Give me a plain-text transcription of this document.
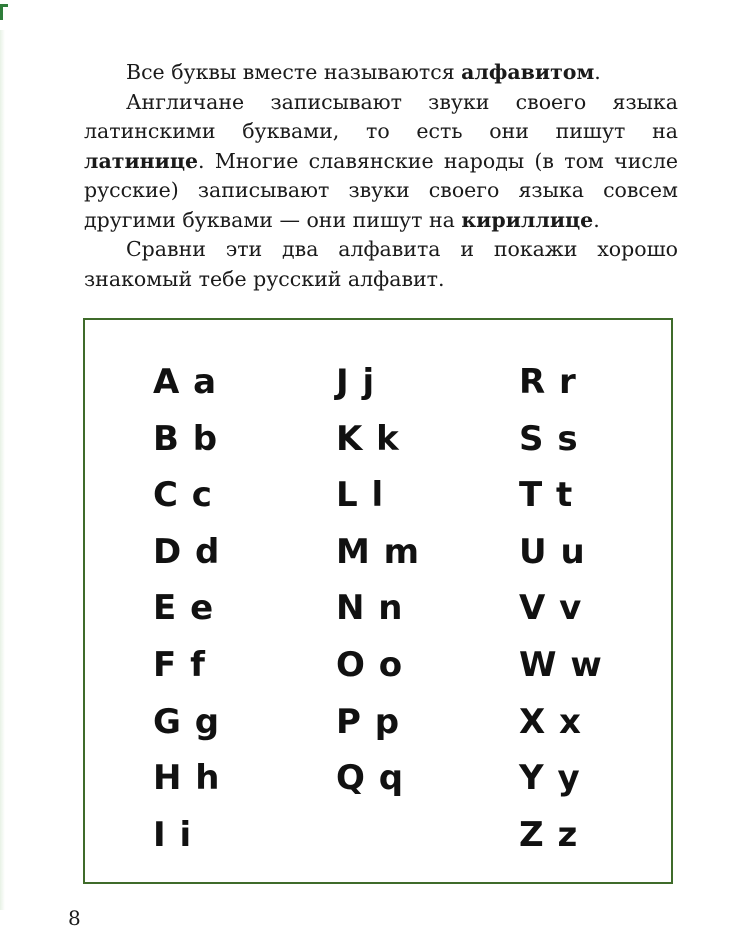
Все буквы вместе называются алфавитом.

Англичане записывают звуки своего языка латинскими буквами, то есть они пишут на латинице. Многие славянские народы (в том числе русские) записывают звуки своего языка совсем другими буквами — они пишут на кириллице.

Сравни эти два алфавита и покажи хорошо знакомый тебе русский алфавит.

A a
B b
C c
D d
E e
F f
G g
H h
I i
J j
K k
L l
M m
N n
O o
P p
Q q
R r
S s
T t
U u
V v
W w
X x
Y y
Z z
8
